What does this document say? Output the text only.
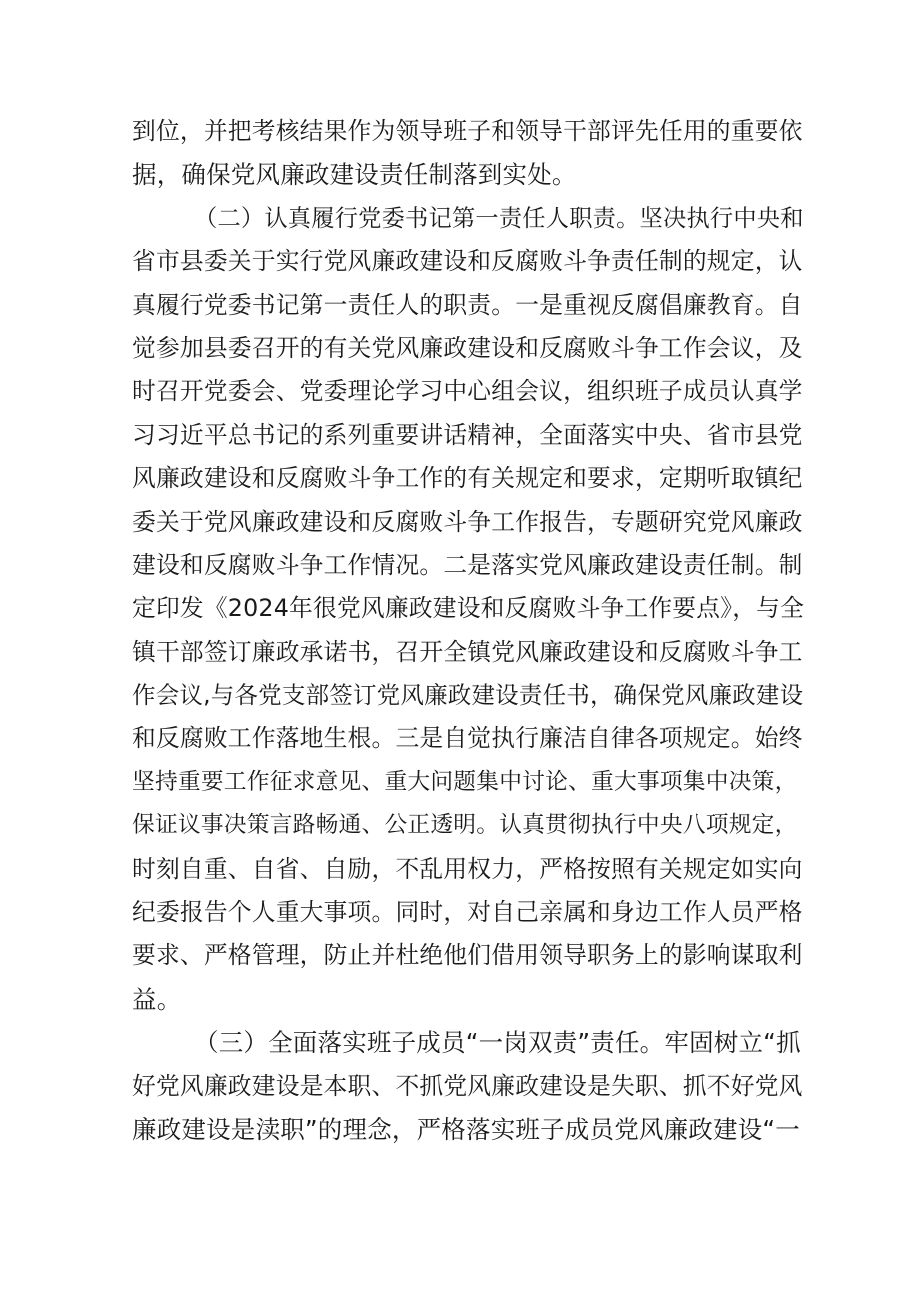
到位，并把考核结果作为领导班子和领导干部评先任用的重要依
据，确保党风廉政建设责任制落到实处。
（二）认真履行党委书记第一责任人职责。坚决执行中央和
省市县委关于实行党风廉政建设和反腐败斗争责任制的规定，认
真履行党委书记第一责任人的职责。一是重视反腐倡廉教育。自
觉参加县委召开的有关党风廉政建设和反腐败斗争工作会议，及
时召开党委会、党委理论学习中心组会议，组织班子成员认真学
习习近平总书记的系列重要讲话精神，全面落实中央、省市县党
风廉政建设和反腐败斗争工作的有关规定和要求，定期听取镇纪
委关于党风廉政建设和反腐败斗争工作报告，专题研究党风廉政
建设和反腐败斗争工作情况。二是落实党风廉政建设责任制。制
定印发《2024年很党风廉政建设和反腐败斗争工作要点》，与全
镇干部签订廉政承诺书，召开全镇党风廉政建设和反腐败斗争工
作会议,与各党支部签订党风廉政建设责任书，确保党风廉政建设
和反腐败工作落地生根。三是自觉执行廉洁自律各项规定。始终
坚持重要工作征求意见、重大问题集中讨论、重大事项集中决策，
保证议事决策言路畅通、公正透明。认真贯彻执行中央八项规定，
时刻自重、自省、自励，不乱用权力，严格按照有关规定如实向
纪委报告个人重大事项。同时，对自己亲属和身边工作人员严格
要求、严格管理，防止并杜绝他们借用领导职务上的影响谋取利
益。
（三）全面落实班子成员“一岗双责”责任。牢固树立“抓
好党风廉政建设是本职、不抓党风廉政建设是失职、抓不好党风
廉政建设是渎职”的理念，严格落实班子成员党风廉政建设“一
